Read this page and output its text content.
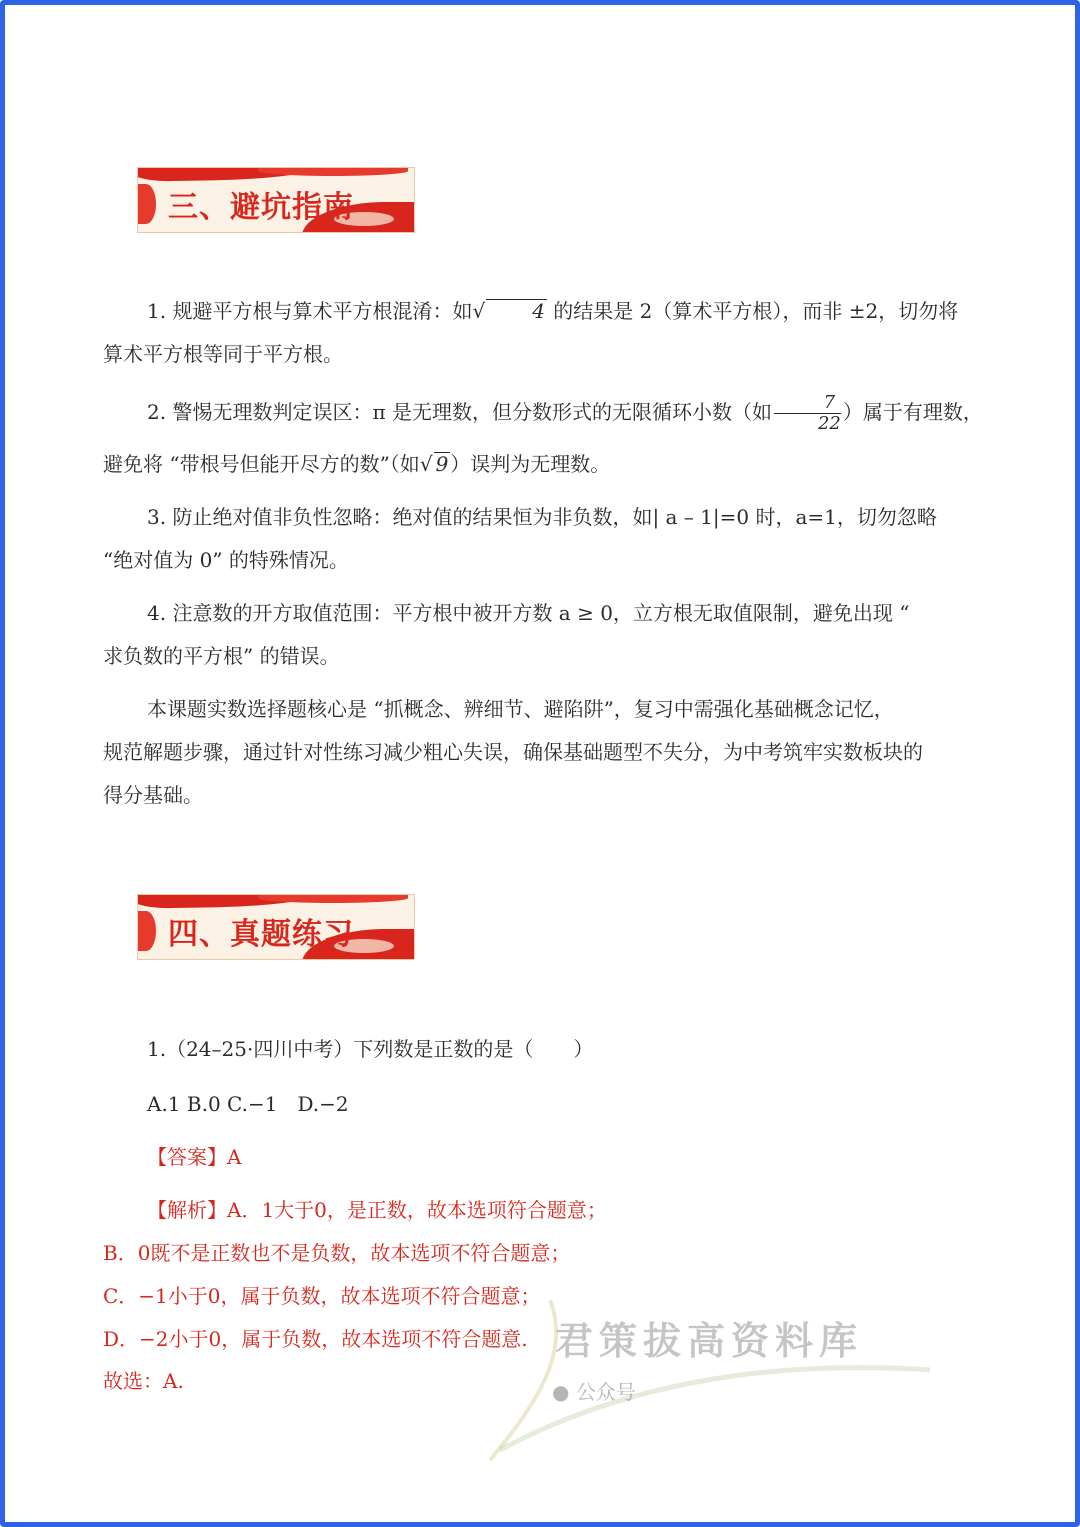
三、避坑指南

1. 规避平方根与算术平方根混淆：如√ 4 的结果是 2（算术平方根），而非 ±2，切勿将

算术平方根等同于平方根。

2. 警惕无理数判定误区：π 是无理数，但分数形式的无限循环小数（如 $\frac{7}{22}$ ）属于有理数，

避免将 “带根号但能开尽方的数”（如√ 9 ）误判为无理数。

3. 防止绝对值非负性忽略：绝对值的结果恒为非负数，如| a – 1|=0 时，a=1，切勿忽略

“绝对值为 0” 的特殊情况。

4. 注意数的开方取值范围：平方根中被开方数 a ≥ 0，立方根无取值限制，避免出现 “

求负数的平方根” 的错误。

本课题实数选择题核心是 “抓概念、辨细节、避陷阱”，复习中需强化基础概念记忆，

规范解题步骤，通过针对性练习减少粗心失误，确保基础题型不失分，为中考筑牢实数板块的

得分基础。

四、真题练习

1.（24–25·四川中考）下列数是正数的是（　　）

A.1 B.0 C.−1　D.−2

【答案】A

【解析】A．1大于0，是正数，故本选项符合题意；

B．0既不是正数也不是负数，故本选项不符合题意；

C．−1小于0，属于负数，故本选项不符合题意；

D．−2小于0，属于负数，故本选项不符合题意.

故选：A.

君策拔高资料库
● 公众号
